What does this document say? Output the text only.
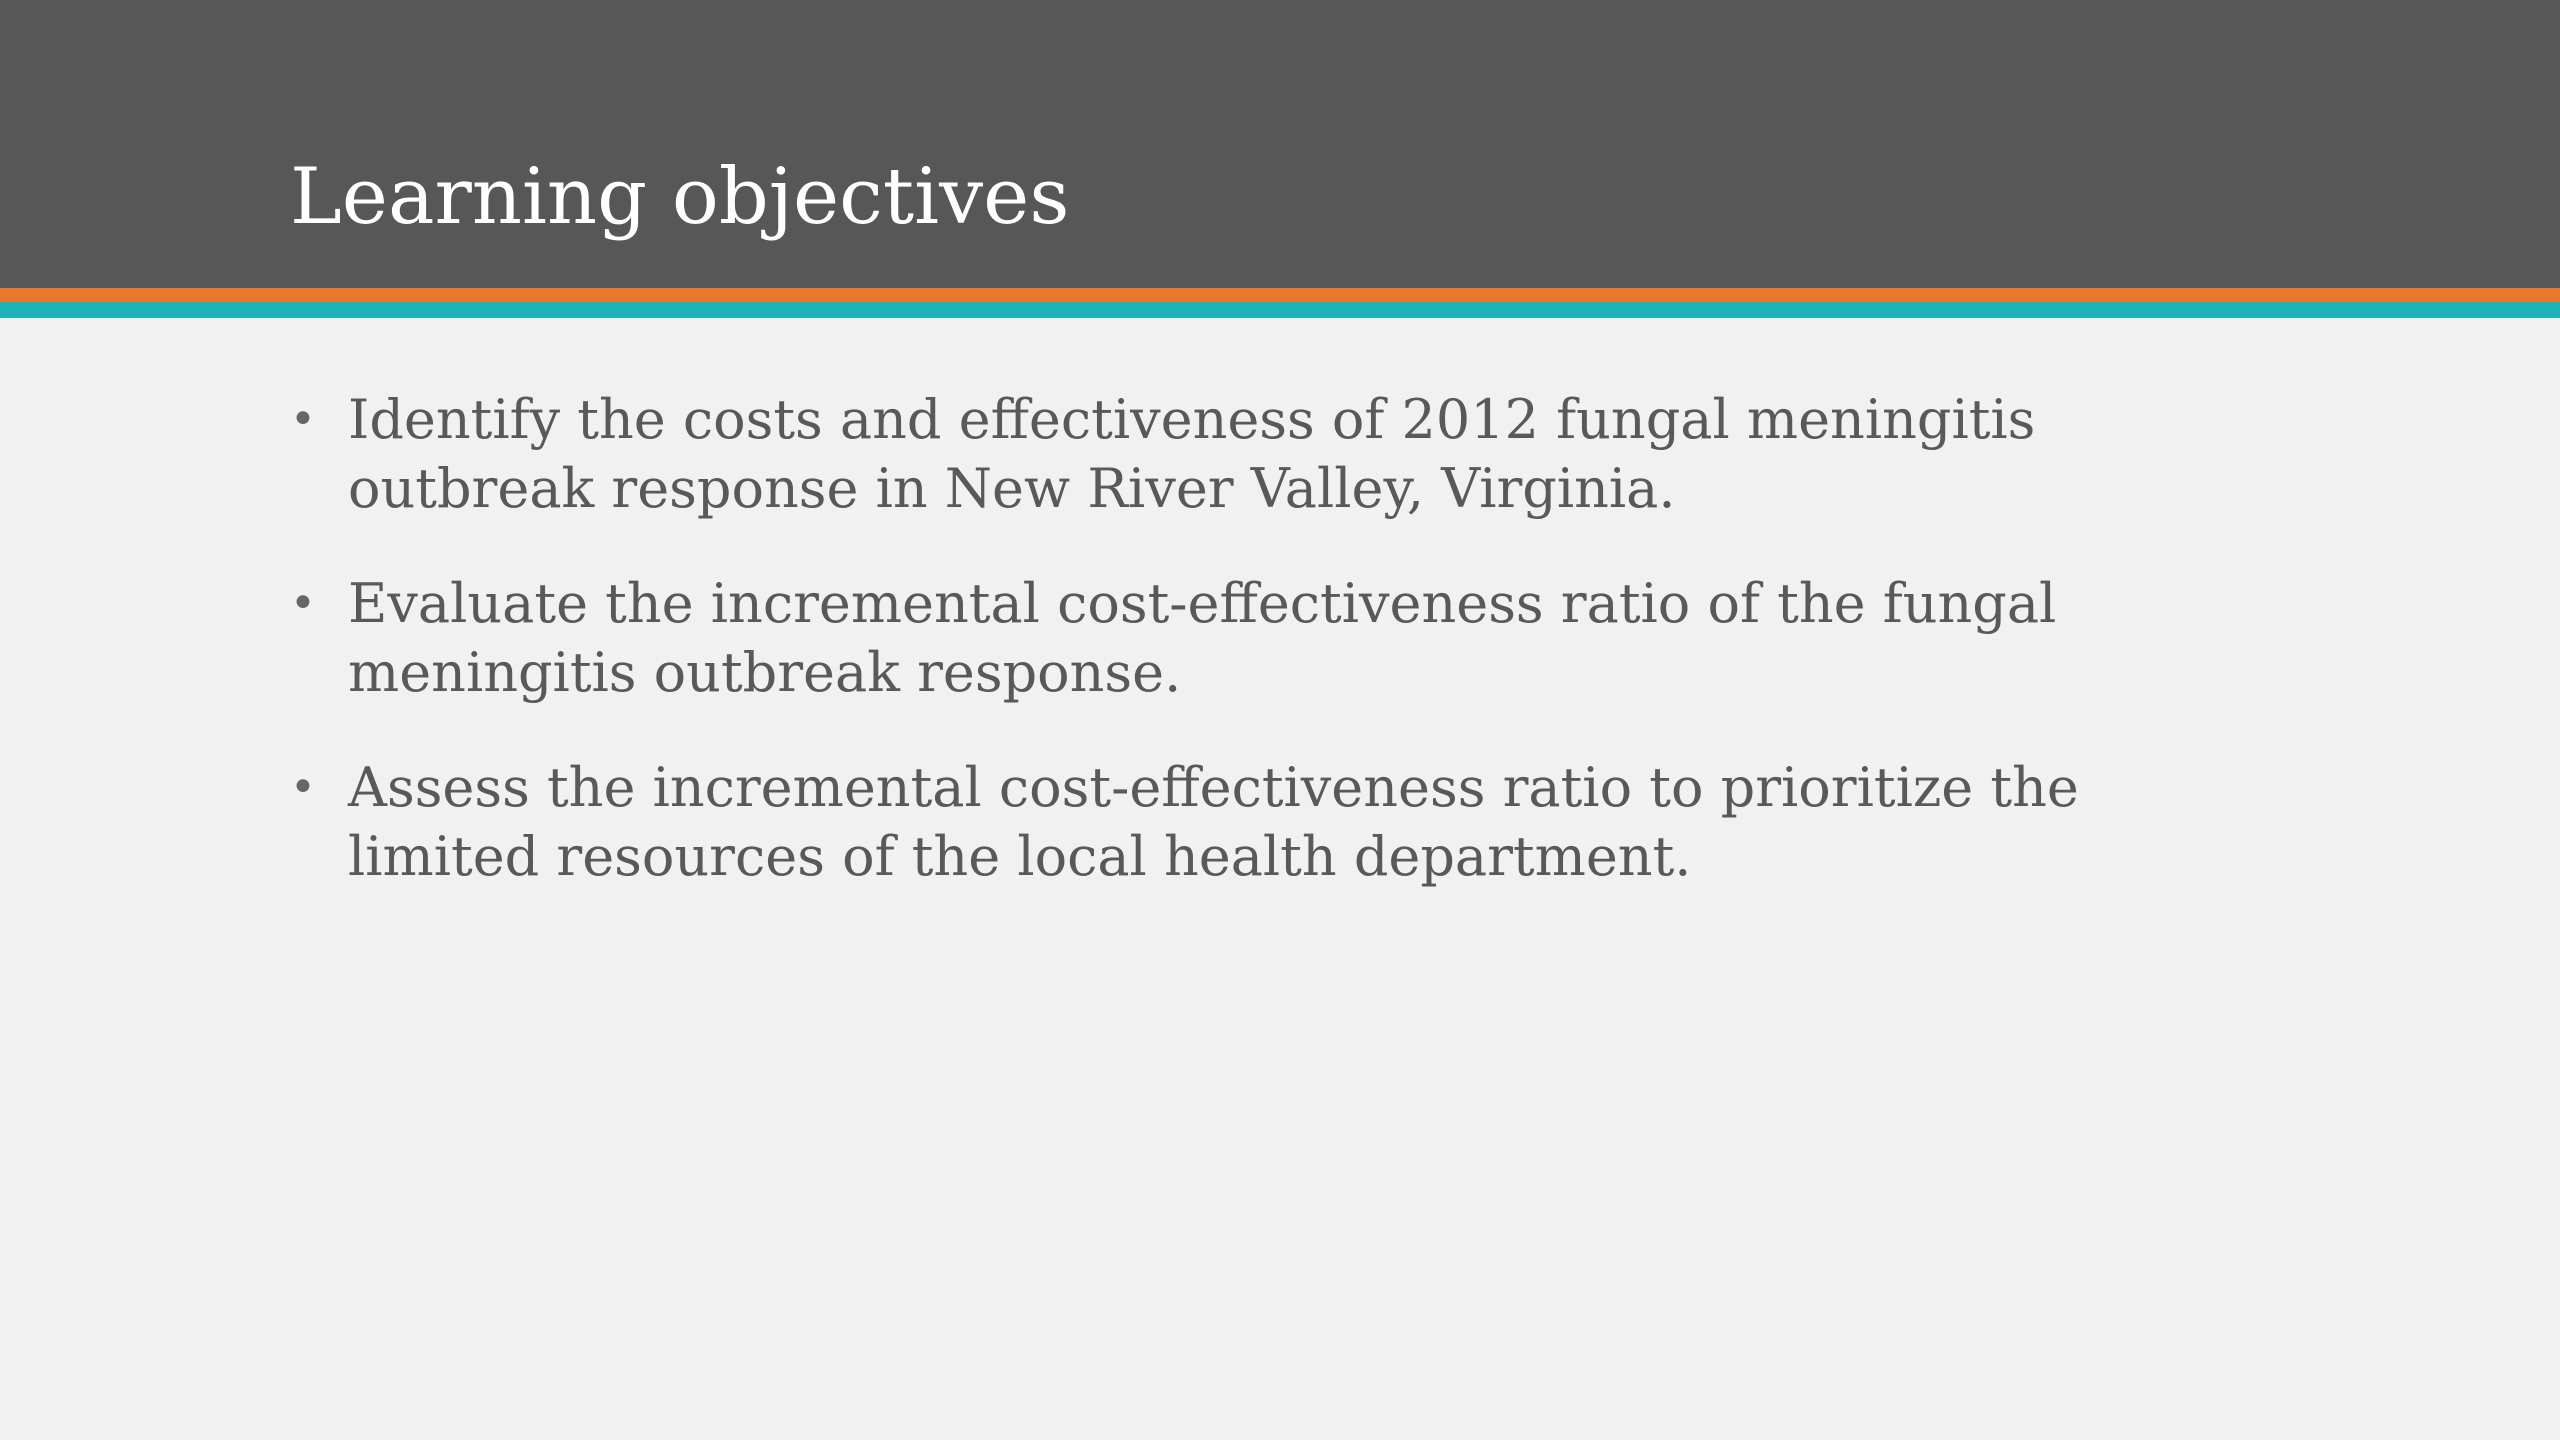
Learning objectives
• Identify the costs and effectiveness of 2012 fungal meningitis outbreak response in New River Valley, Virginia.
• Evaluate the incremental cost-effectiveness ratio of the fungal meningitis outbreak response.
• Assess the incremental cost-effectiveness ratio to prioritize the limited resources of the local health department.
